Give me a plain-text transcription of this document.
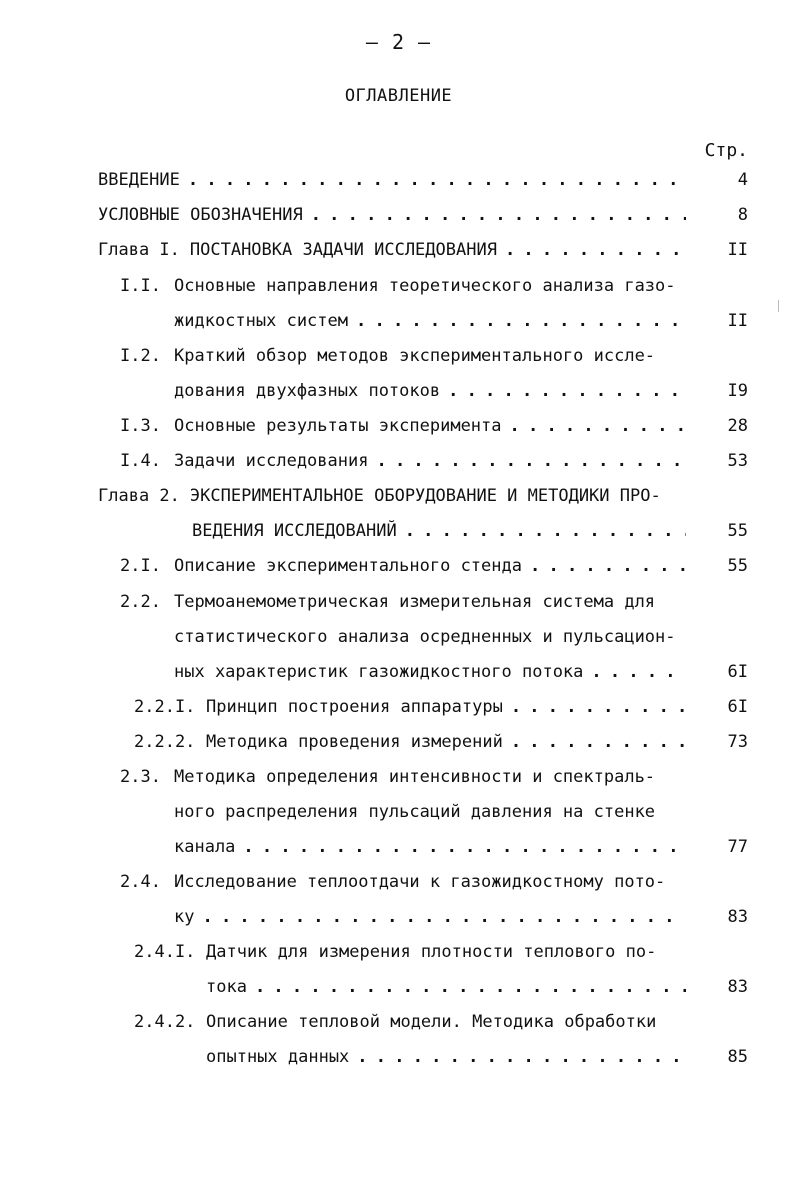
– 2 –
ОГЛАВЛЕНИЕ
Стр.
ВВЕДЕНИЕ . . .	4
УСЛОВНЫЕ ОБОЗНАЧЕНИЯ . . .	8
Глава I. ПОСТАНОВКА ЗАДАЧИ ИССЛЕДОВАНИЯ . . .	II
I.I. Основные направления теоретического анализа газо-
жидкостных систем . . .	II
I.2. Краткий обзор методов экспериментального иссле-
дования двухфазных потоков . . .	I9
I.3. Основные результаты эксперимента . . .	28
I.4. Задачи исследования . . .	53
Глава 2. ЭКСПЕРИМЕНТАЛЬНОЕ ОБОРУДОВАНИЕ И МЕТОДИКИ ПРО-
ВЕДЕНИЯ ИССЛЕДОВАНИЙ . . .	55
2.I. Описание экспериментального стенда . . .	55
2.2. Термоанемометрическая измерительная система для
статистического анализа осредненных и пульсацион-
ных характеристик газожидкостного потока . . .	6I
2.2.I. Принцип построения аппаратуры . . .	6I
2.2.2. Методика проведения измерений . . .	73
2.3. Методика определения интенсивности и спектраль-
ного распределения пульсаций давления на стенке
канала . . .	77
2.4. Исследование теплоотдачи к газожидкостному пото-
ку . . .	83
2.4.I. Датчик для измерения плотности теплового по-
тока . . .	83
2.4.2. Описание тепловой модели. Методика обработки
опытных данных . . .	85
